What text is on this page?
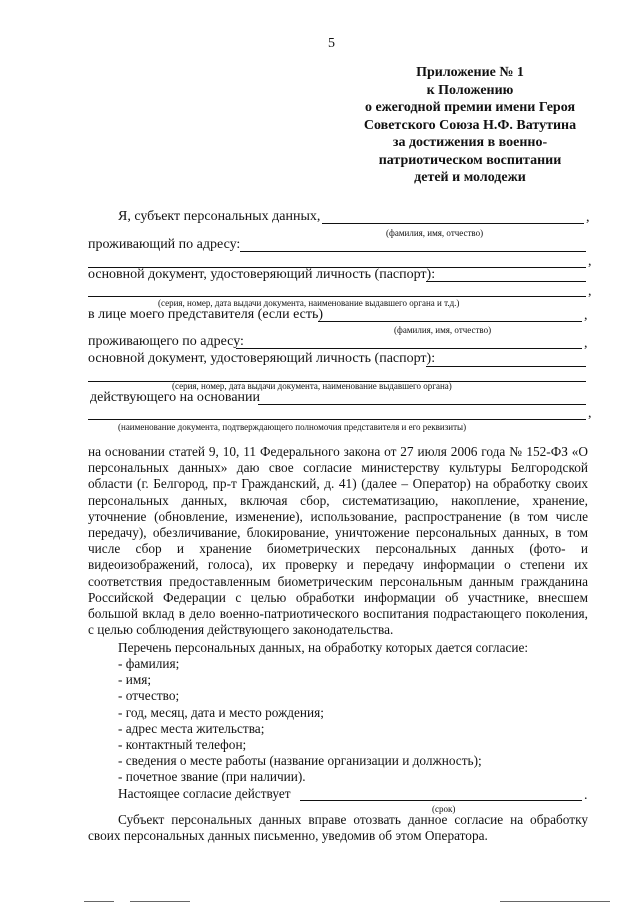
5
Приложение № 1
к Положению
о ежегодной премии имени Героя
Советского Союза Н.Ф. Ватутина
за достижения в военно-
патриотическом воспитании
детей и молодежи
Я, субъект персональных данных,	,
(фамилия, имя, отчество)
проживающий по адресу:
,
основной документ, удостоверяющий личность (паспорт):
,
(серия, номер, дата выдачи документа, наименование выдавшего органа и т.д.)
в лице моего представителя (если есть)	,
(фамилия, имя, отчество)
проживающего по адресу:	,
основной документ, удостоверяющий личность (паспорт):
(серия, номер, дата выдачи документа, наименование выдавшего органа)
действующего на основании
,
(наименование документа, подтверждающего полномочия представителя и его реквизиты)

на основании статей 9, 10, 11 Федерального закона от 27 июля 2006 года № 152-ФЗ «О персональных данных» даю свое согласие министерству культуры Белгородской области (г. Белгород, пр-т Гражданский, д. 41) (далее – Оператор) на обработку своих персональных данных, включая сбор, систематизацию, накопление, хранение, уточнение (обновление, изменение), использование, распространение (в том числе передачу), обезличивание, блокирование, уничтожение персональных данных, в том числе сбор и хранение биометрических персональных данных (фото- и видеоизображений, голоса), их проверку и передачу информации о степени их соответствия предоставленным биометрическим персональным данным гражданина Российской Федерации с целью обработки информации об участнике, внесшем большой вклад в дело военно-патриотического воспитания подрастающего поколения, с целью соблюдения действующего законодательства.

Перечень персональных данных, на обработку которых дается согласие:
- фамилия;
- имя;
- отчество;
- год, месяц, дата и место рождения;
- адрес места жительства;
- контактный телефон;
- сведения о месте работы (название организации и должность);
- почетное звание (при наличии).
Настоящее согласие действует	.
(срок)
Субъект персональных данных вправе отозвать данное согласие на обработку своих персональных данных письменно, уведомив об этом Оператора.
